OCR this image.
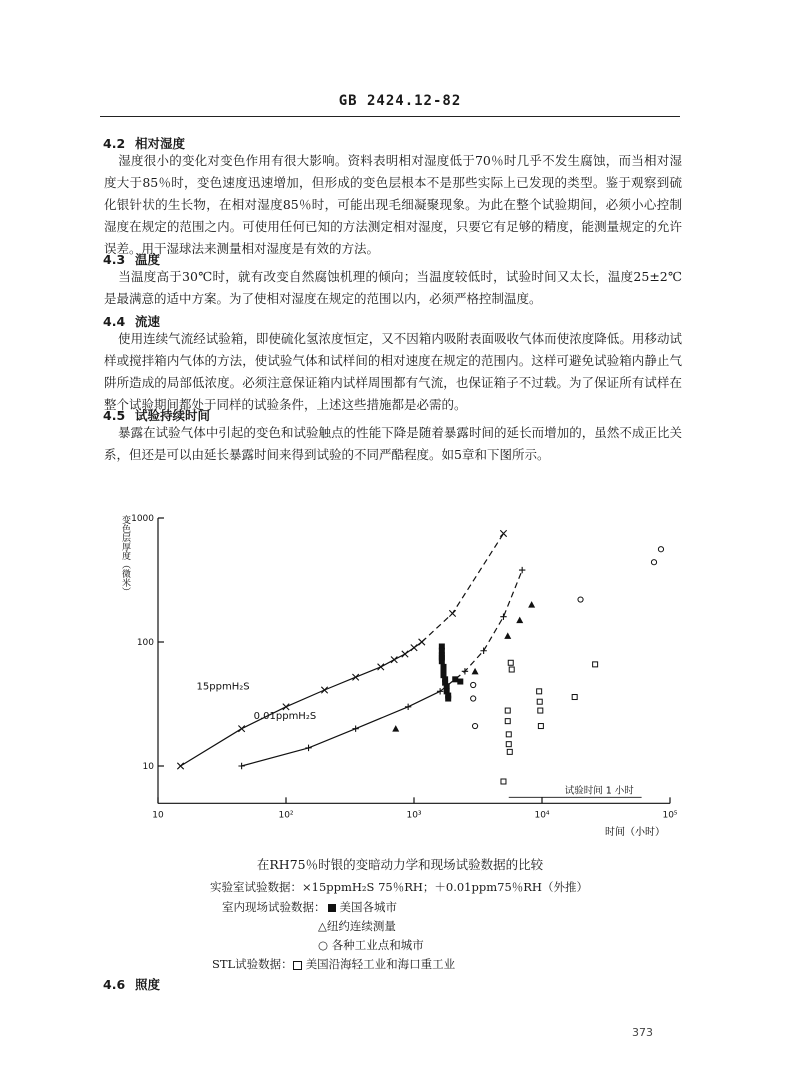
GB 2424.12-82
4.2 相对湿度
湿度很小的变化对变色作用有很大影响。资料表明相对湿度低于70％时几乎不发生腐蚀，而当相对湿度大于85％时，变色速度迅速增加，但形成的变色层根本不是那些实际上已发现的类型。鉴于观察到硫化银针状的生长物，在相对湿度85％时，可能出现毛细凝聚现象。为此在整个试验期间，必须小心控制湿度在规定的范围之内。可使用任何已知的方法测定相对湿度，只要它有足够的精度，能测量规定的允许误差。用干湿球法来测量相对湿度是有效的方法。
4.3 温度
当温度高于30℃时，就有改变自然腐蚀机理的倾向；当温度较低时，试验时间又太长，温度25±2℃是最满意的适中方案。为了使相对湿度在规定的范围以内，必须严格控制温度。
4.4 流速
使用连续气流经试验箱，即使硫化氢浓度恒定，又不因箱内吸附表面吸收气体而使浓度降低。用移动试样或搅拌箱内气体的方法，使试验气体和试样间的相对速度在规定的范围内。这样可避免试验箱内静止气阱所造成的局部低浓度。必须注意保证箱内试样周围都有气流，也保证箱子不过载。为了保证所有试样在整个试验期间都处于同样的试验条件，上述这些措施都是必需的。
4.5 试验持续时间
暴露在试验气体中引起的变色和试验触点的性能下降是随着暴露时间的延长而增加的，虽然不成正比关系，但还是可以由延长暴露时间来得到试验的不同严酷程度。如5章和下图所示。
变色层厚度（微米）
时间（小时）
10	10²	10³	10⁴	10⁵
10
100
1000
试验时间 1 小时
15ppmH₂S
0.01ppmH₂S
在RH75％时银的变暗动力学和现场试验数据的比较
实验室试验数据：×15ppmH₂S 75％RH；＋0.01ppm75％RH（外推）
室内现场试验数据： 美国各城市
△纽约连续测量
○ 各种工业点和城市
STL试验数据： 美国沿海轻工业和海口重工业
4.6 照度
373
